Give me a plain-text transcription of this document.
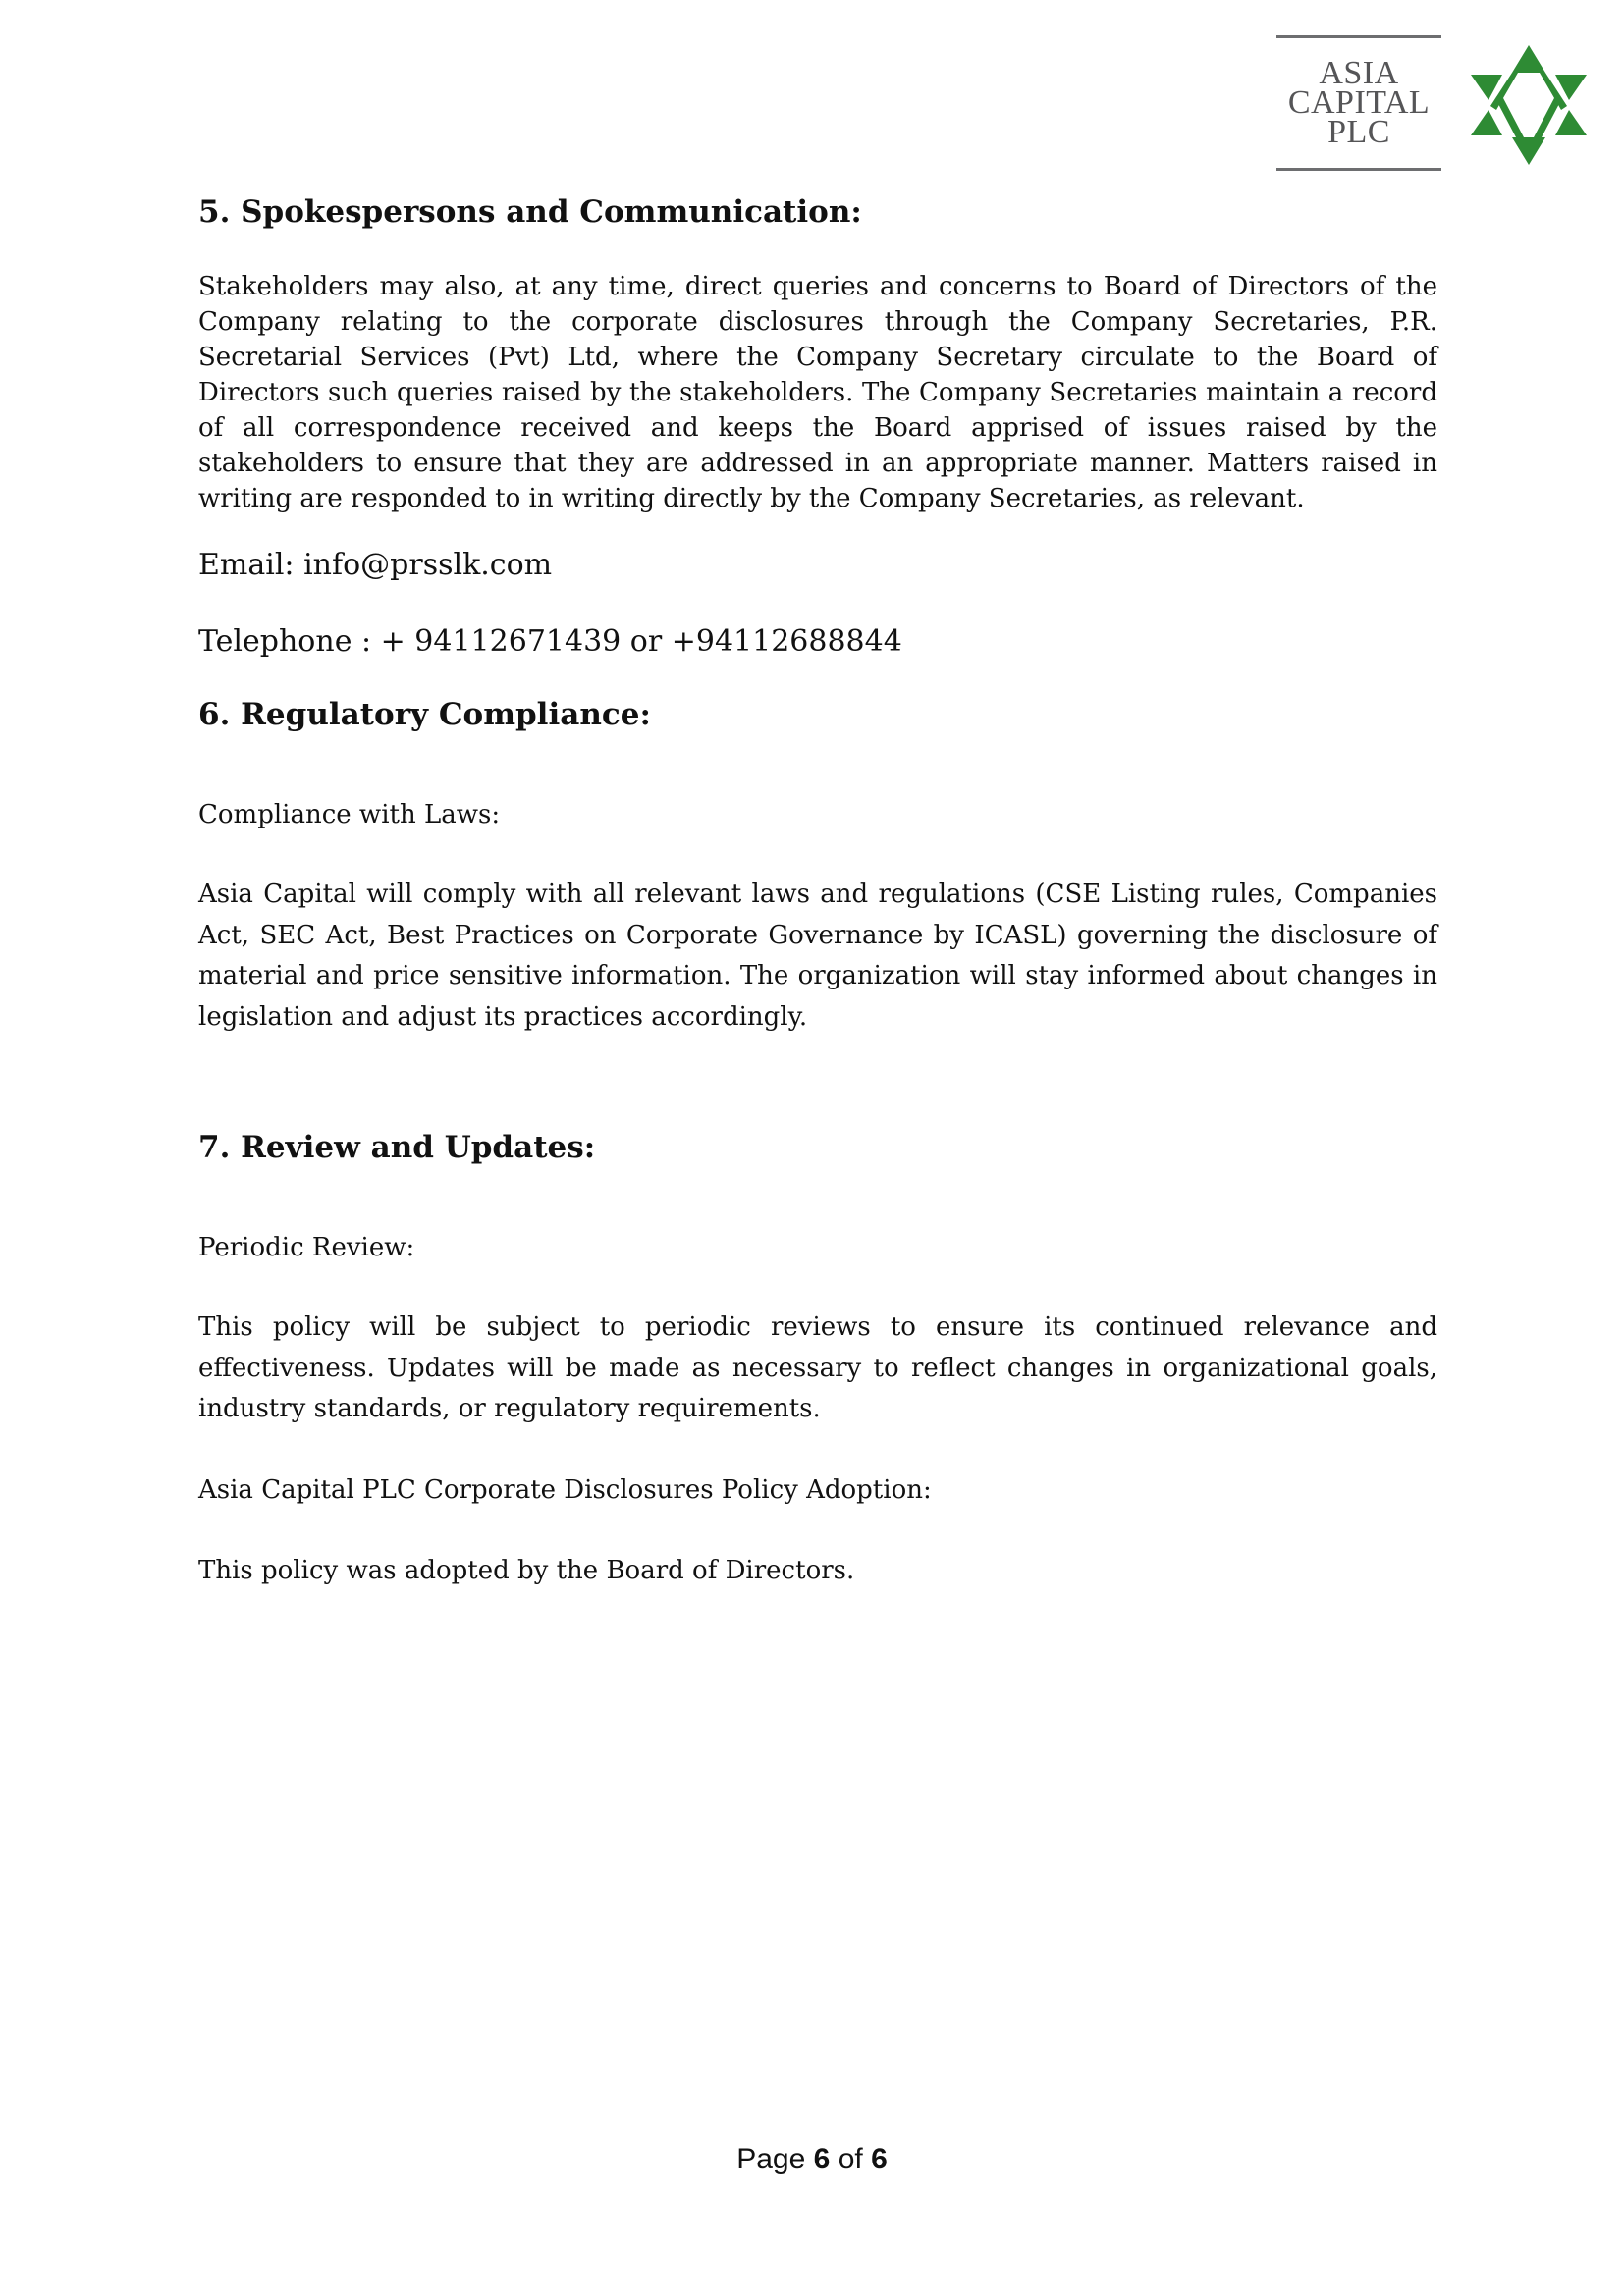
ASIA
CAPITAL
PLC
5. Spokespersons and Communication:

Stakeholders may also, at any time, direct queries and concerns to Board of Directors of the Company relating to the corporate disclosures through the Company Secretaries, P.R. Secretarial Services (Pvt) Ltd, where the Company Secretary circulate to the Board of Directors such queries raised by the stakeholders. The Company Secretaries maintain a record of all correspondence received and keeps the Board apprised of issues raised by the stakeholders to ensure that they are addressed in an appropriate manner. Matters raised in writing are responded to in writing directly by the Company Secretaries, as relevant.

Email: info@prsslk.com

Telephone : + 94112671439 or +94112688844

6. Regulatory Compliance:

Compliance with Laws:

Asia Capital will comply with all relevant laws and regulations (CSE Listing rules, Companies Act, SEC Act, Best Practices on Corporate Governance by ICASL) governing the disclosure of material and price sensitive information. The organization will stay informed about changes in legislation and adjust its practices accordingly.

7. Review and Updates:

Periodic Review:

This policy will be subject to periodic reviews to ensure its continued relevance and effectiveness. Updates will be made as necessary to reflect changes in organizational goals, industry standards, or regulatory requirements.

Asia Capital PLC Corporate Disclosures Policy Adoption:

This policy was adopted by the Board of Directors.

Page 6 of 6
